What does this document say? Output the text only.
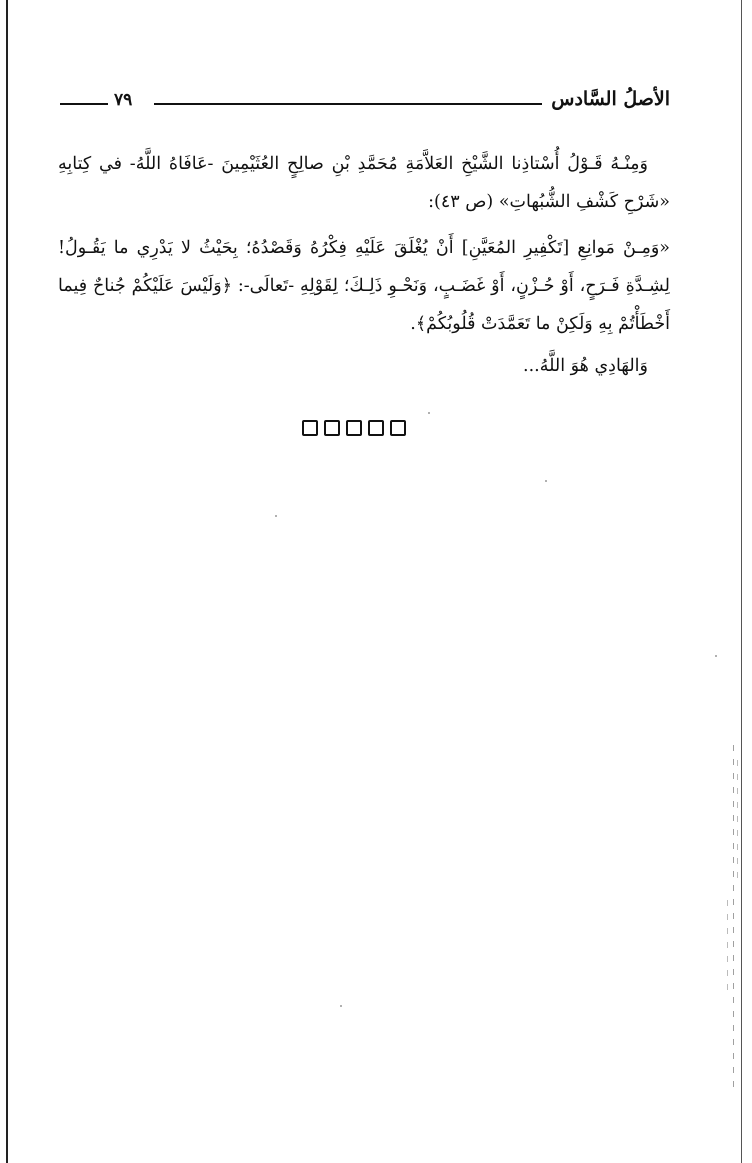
الأصلُ السَّادس
٧٩

وَمِنْـهُ قَـوْلُ أُسْتاذِنا الشَّيْخِ العَلاَّمَةِ مُحَمَّدِ بْنِ صالِحٍ العُثَيْمِينَ -عَافَاهُ اللَّهُ- في كِتابِهِ «شَرْحِ كَشْفِ الشُّبُهاتِ» (ص ٤٣):

«وَمِـنْ مَوانِعِ [تَكْفِيرِ المُعَيَّنِ] أَنْ يُغْلَقَ عَلَيْهِ فِكْرُهُ وَقَصْدُهُ؛ بِحَيْثُ لا يَدْرِي ما يَقُـولُ! لِشِـدَّةِ فَـرَحٍ، أَوْ حُـزْنٍ، أَوْ غَضَـبٍ، وَنَحْـوِ ذَلِـكَ؛ لِقَوْلِهِ -تَعالَى-: ﴿وَلَيْسَ عَلَيْكُمْ جُناحٌ فِيما أَخْطَأْتُمْ بِهِ وَلَكِنْ ما تَعَمَّدَتْ قُلُوبُكُمْ﴾.

وَالهَادِي هُوَ اللَّهُ...
